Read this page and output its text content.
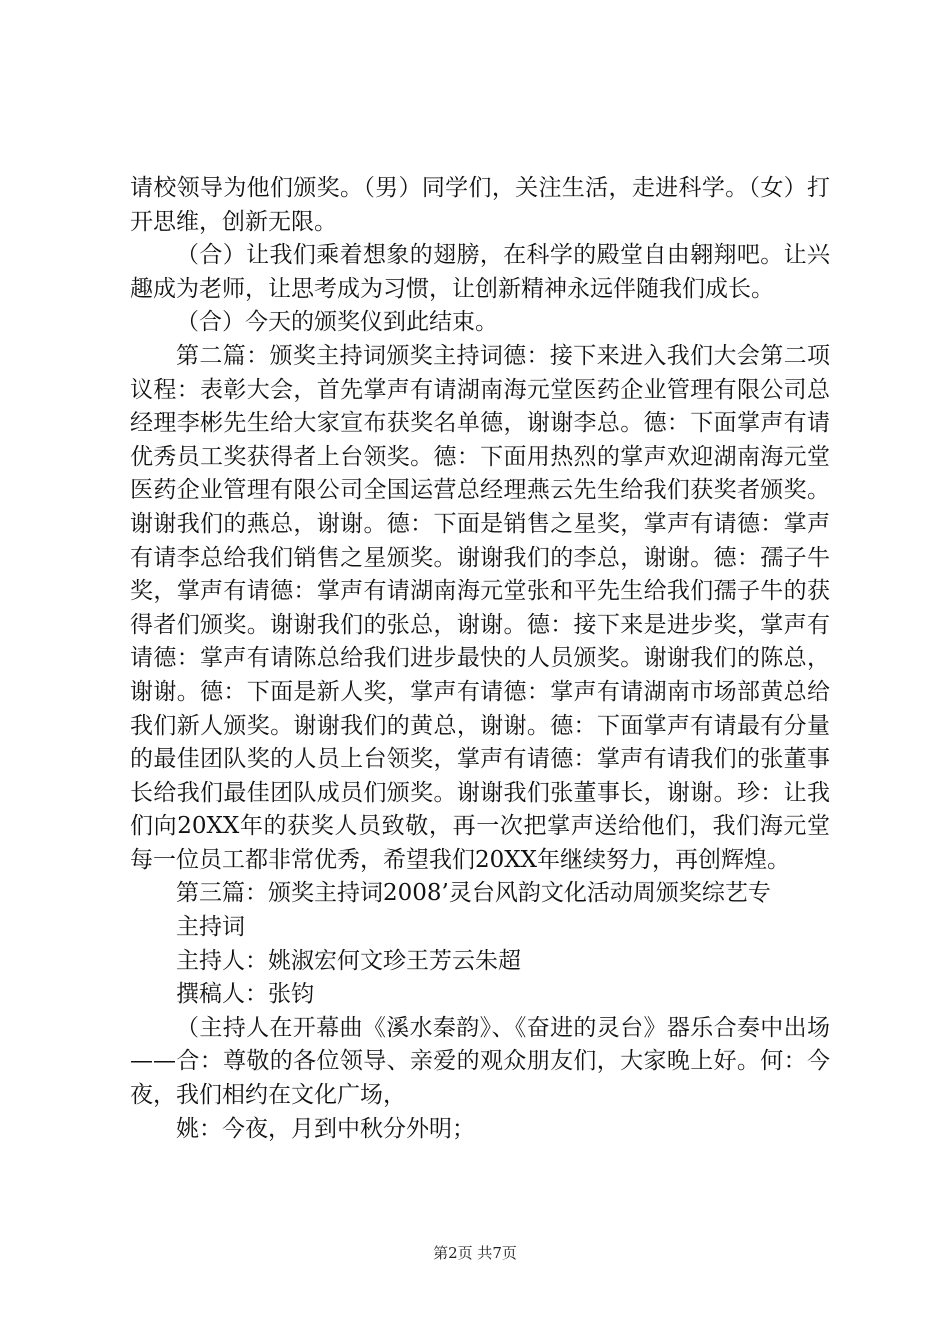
请校领导为他们颁奖。（男）同学们，关注生活，走进科学。（女）打开思维，创新无限。

（合）让我们乘着想象的翅膀，在科学的殿堂自由翱翔吧。让兴趣成为老师，让思考成为习惯，让创新精神永远伴随我们成长。

（合）今天的颁奖仪到此结束。

第二篇：颁奖主持词颁奖主持词德：接下来进入我们大会第二项议程：表彰大会，首先掌声有请湖南海元堂医药企业管理有限公司总经理李彬先生给大家宣布获奖名单德，谢谢李总。德：下面掌声有请优秀员工奖获得者上台领奖。德：下面用热烈的掌声欢迎湖南海元堂医药企业管理有限公司全国运营总经理燕云先生给我们获奖者颁奖。谢谢我们的燕总，谢谢。德：下面是销售之星奖，掌声有请德：掌声有请李总给我们销售之星颁奖。谢谢我们的李总，谢谢。德：孺子牛奖，掌声有请德：掌声有请湖南海元堂张和平先生给我们孺子牛的获得者们颁奖。谢谢我们的张总，谢谢。德：接下来是进步奖，掌声有请德：掌声有请陈总给我们进步最快的人员颁奖。谢谢我们的陈总，谢谢。德：下面是新人奖，掌声有请德：掌声有请湖南市场部黄总给我们新人颁奖。谢谢我们的黄总，谢谢。德：下面掌声有请最有分量的最佳团队奖的人员上台领奖，掌声有请德：掌声有请我们的张董事长给我们最佳团队成员们颁奖。谢谢我们张董事长，谢谢。珍：让我们向20XX年的获奖人员致敬，再一次把掌声送给他们，我们海元堂每一位员工都非常优秀，希望我们20XX年继续努力，再创辉煌。

第三篇：颁奖主持词2008’灵台风韵文化活动周颁奖综艺专

主持词

主持人：姚淑宏何文珍王芳云朱超

撰稿人：张钧

（主持人在开幕曲《溪水秦韵》、《奋进的灵台》器乐合奏中出场——合：尊敬的各位领导、亲爱的观众朋友们，大家晚上好。何：今夜，我们相约在文化广场，

姚：今夜，月到中秋分外明；

第2页 共7页
